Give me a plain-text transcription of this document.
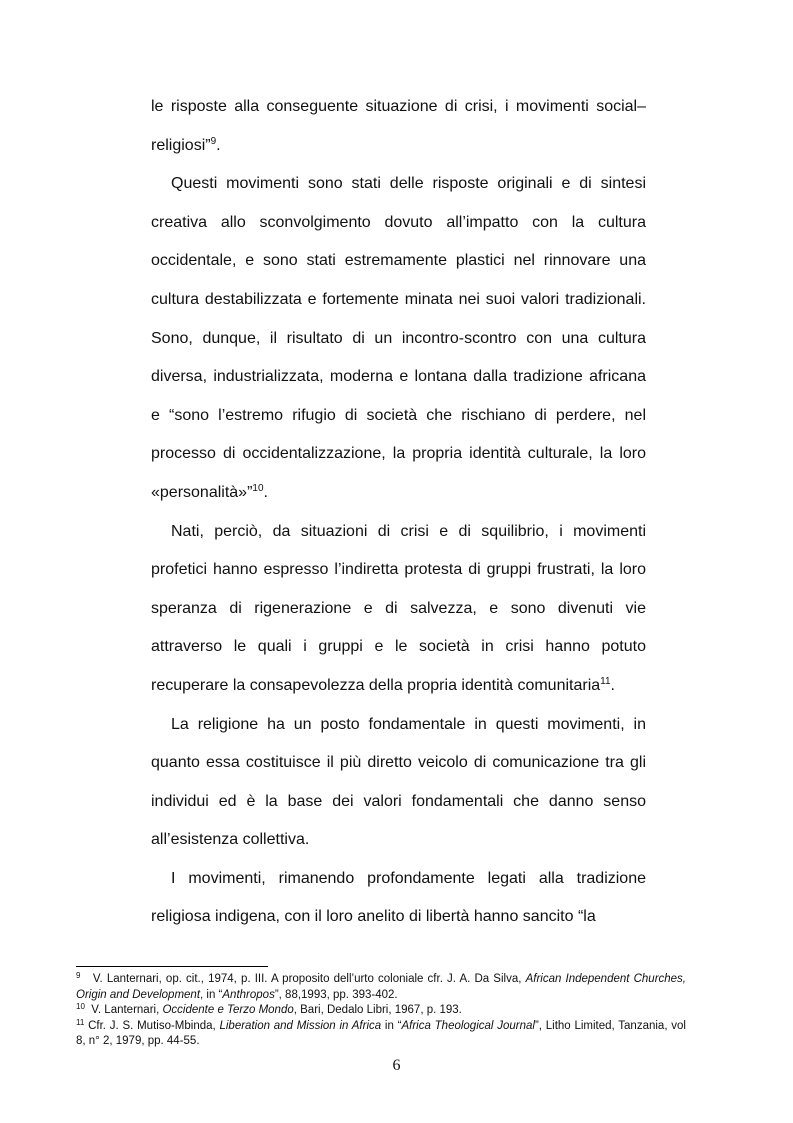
le risposte alla conseguente situazione di crisi, i movimenti social–religiosi”$^9$.

Questi movimenti sono stati delle risposte originali e di sintesi creativa allo sconvolgimento dovuto all’impatto con la cultura occidentale, e sono stati estremamente plastici nel rinnovare una cultura destabilizzata e fortemente minata nei suoi valori tradizionali. Sono, dunque, il risultato di un incontro-scontro con una cultura diversa, industrializzata, moderna e lontana dalla tradizione africana e “sono l’estremo rifugio di società che rischiano di perdere, nel processo di occidentalizzazione, la propria identità culturale, la loro «personalità»”$^{10}$.

Nati, perciò, da situazioni di crisi e di squilibrio, i movimenti profetici hanno espresso l’indiretta protesta di gruppi frustrati, la loro speranza di rigenerazione e di salvezza, e sono divenuti vie attraverso le quali i gruppi e le società in crisi hanno potuto recuperare la consapevolezza della propria identità comunitaria$^{11}$.

La religione ha un posto fondamentale in questi movimenti, in quanto essa costituisce il più diretto veicolo di comunicazione tra gli individui ed è la base dei valori fondamentali che danno senso all’esistenza collettiva.

I movimenti, rimanendo profondamente legati alla tradizione religiosa indigena, con il loro anelito di libertà hanno sancito “la

$^9$ V. Lanternari, op. cit., 1974, p. III. A proposito dell’urto coloniale cfr. J. A. Da Silva, African Independent Churches, Origin and Development, in “Anthropos”, 88,1993, pp. 393-402.

$^{10}$ V. Lanternari, Occidente e Terzo Mondo, Bari, Dedalo Libri, 1967, p. 193.

$^{11}$ Cfr. J. S. Mutiso-Mbinda, Liberation and Mission in Africa in “Africa Theological Journal”, Litho Limited, Tanzania, vol 8, n° 2, 1979, pp. 44-55.

6
